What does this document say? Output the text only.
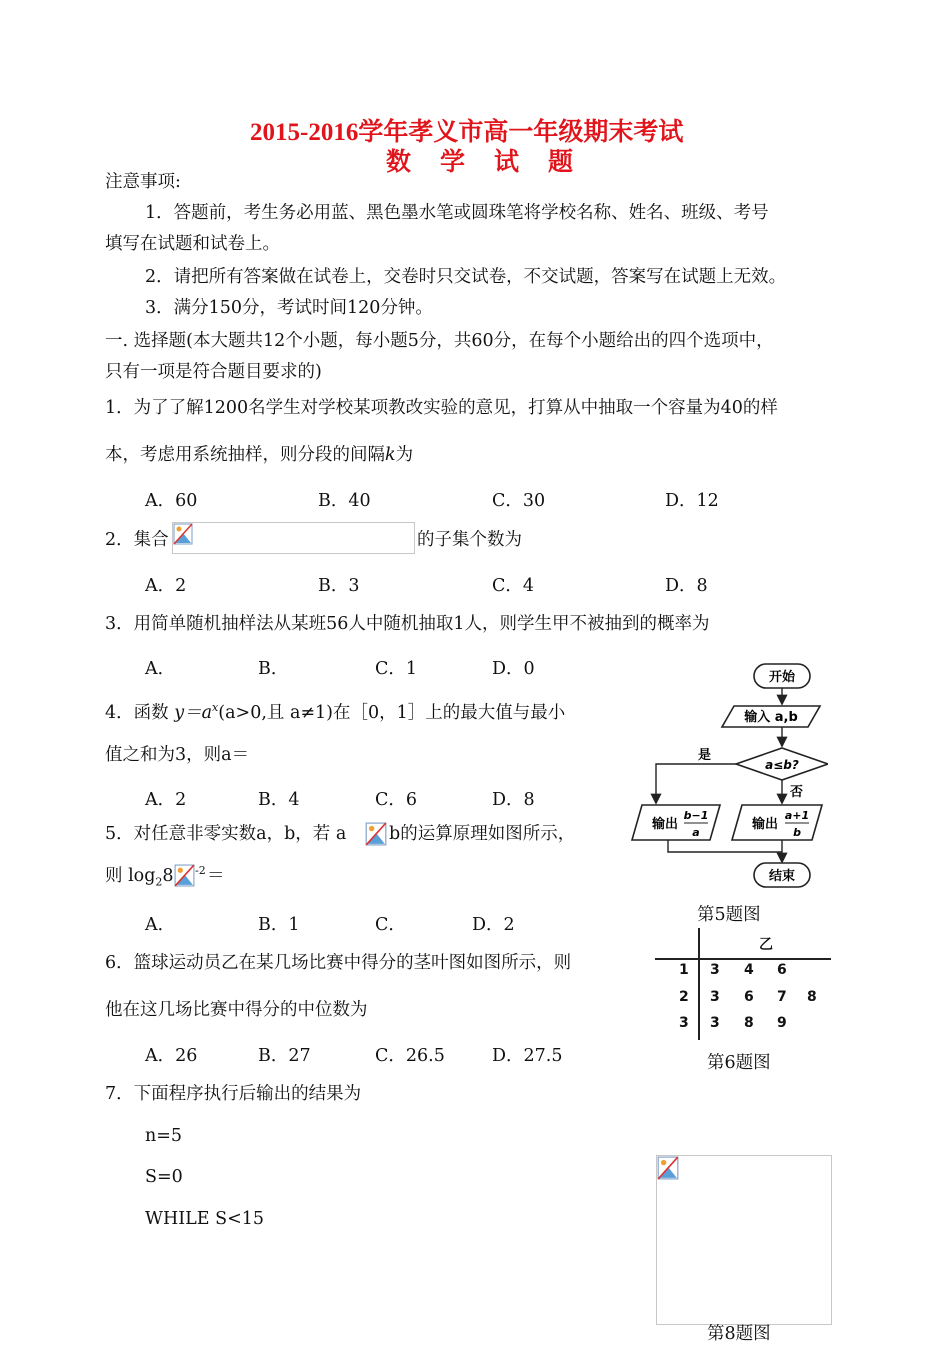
2015-2016学年孝义市高一年级期末考试
数　学　试　题
注意事项:
1．答题前，考生务必用蓝、黑色墨水笔或圆珠笔将学校名称、姓名、班级、考号
填写在试题和试卷上。
2．请把所有答案做在试卷上，交卷时只交试卷，不交试题，答案写在试题上无效。
3．满分150分，考试时间120分钟。
一. 选择题(本大题共12个小题，每小题5分，共60分，在每个小题给出的四个选项中，
只有一项是符合题目要求的)
1．为了了解1200名学生对学校某项教改实验的意见，打算从中抽取一个容量为40的样
本，考虑用系统抽样，则分段的间隔k为
A．60	B．40	C．30	D．12
2．集合	的子集个数为
A．2	B．3	C．4	D．8
3．用简单随机抽样法从某班56人中随机抽取1人，则学生甲不被抽到的概率为
A．	B．	C．1	D．0
4．函数 $y=a^x(a>0$,且 a≠1)在［0，1］上的最大值与最小
值之和为3，则a＝
A．2	B．4	C．6	D．8
5．对任意非零实数a，b，若 a b的运算原理如图所示，
则 $\log_28$ -2 ＝
A．	B．1	C．	D．2
6．篮球运动员乙在某几场比赛中得分的茎叶图如图所示，则
他在这几场比赛中得分的中位数为
A．26	B．27	C．26.5	D．27.5
7．下面程序执行后输出的结果为
n=5
S=0
WHILE S<15
开始
输入 a,b
a≤b?
是
否
输出
b−1
a
输出
a+1
b
结束
第5题图
乙
1 3 4 6
2 3 6 7 8
3 3 8 9
第6题图
第8题图
